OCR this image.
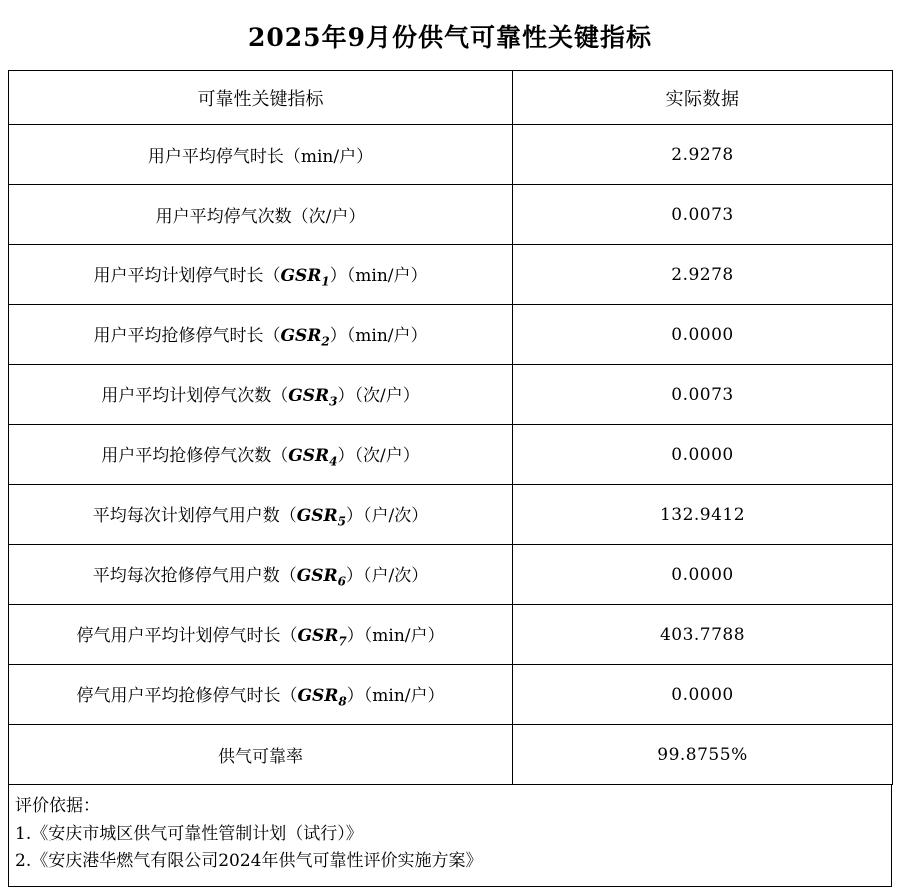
2025年9月份供气可靠性关键指标
可靠性关键指标	实际数据
用户平均停气时长（min/户）	2.9278
用户平均停气次数（次/户）	0.0073
用户平均计划停气时长$(GSR_1)(\min/$户）	2.9278
用户平均抢修停气时长$(GSR_2)(\min/$户）	0.0000
用户平均计划停气次数$(GSR_3)$（次/户）	0.0073
用户平均抢修停气次数$(GSR_4)$（次/户）	0.0000
平均每次计划停气用户数$(GSR_5)$（户/次）	132.9412
平均每次抢修停气用户数$(GSR_6)$（户/次）	0.0000
停气用户平均计划停气时长$(GSR_7)(\min/$户）	403.7788
停气用户平均抢修停气时长$(GSR_8)(\min/$户）	0.0000
供气可靠率	99.8755%
评价依据：
1.《安庆市城区供气可靠性管制计划（试行）》
2.《安庆港华燃气有限公司2024年供气可靠性评价实施方案》
